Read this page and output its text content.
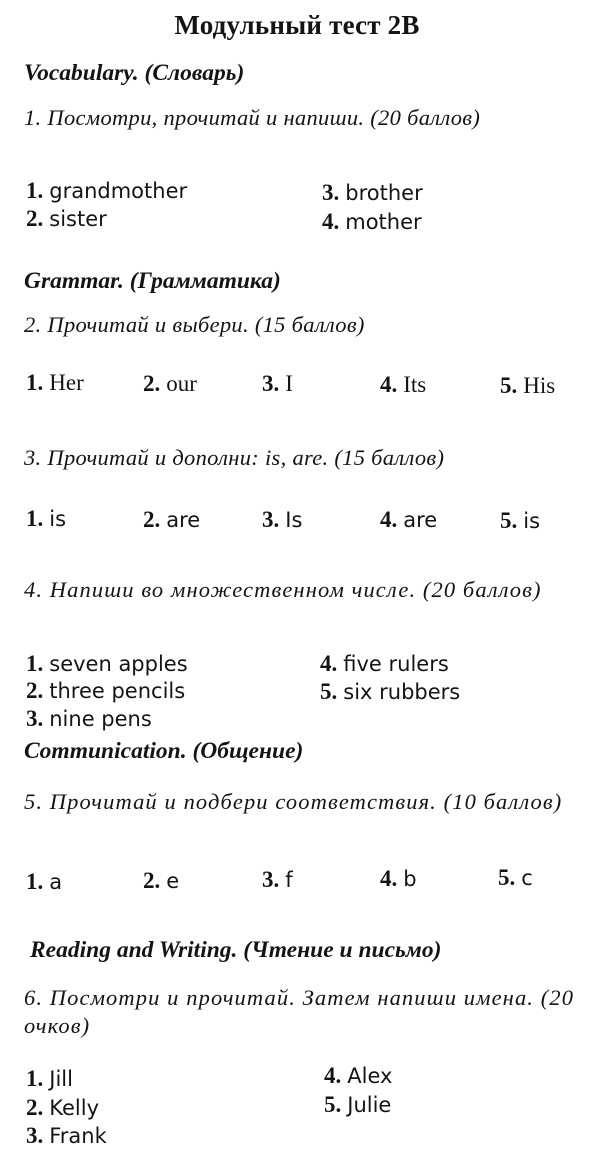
Модульный тест 2B
Vocabulary. (Словарь)
1. Посмотри, прочитай и напиши. (20 баллов)
1. grandmother
2. sister
3. brother
4. mother
Grammar. (Грамматика)
2. Прочитай и выбери. (15 баллов)
1. Her	2. our	3. I	4. Its	5. His
3. Прочитай и дополни: is, are. (15 баллов)
1. is	2. are	3. Is	4. are	5. is
4. Напиши во множественном числе. (20 баллов)
1. seven apples
2. three pencils
3. nine pens
4. five rulers
5. six rubbers
Communication. (Общение)
5. Прочитай и подбери соответствия. (10 баллов)
1. a	2. e	3. f	4. b	5. c
Reading and Writing. (Чтение и письмо)
6. Посмотри и прочитай. Затем напиши имена. (20 очков)
1. Jill
2. Kelly
3. Frank
4. Alex
5. Julie
